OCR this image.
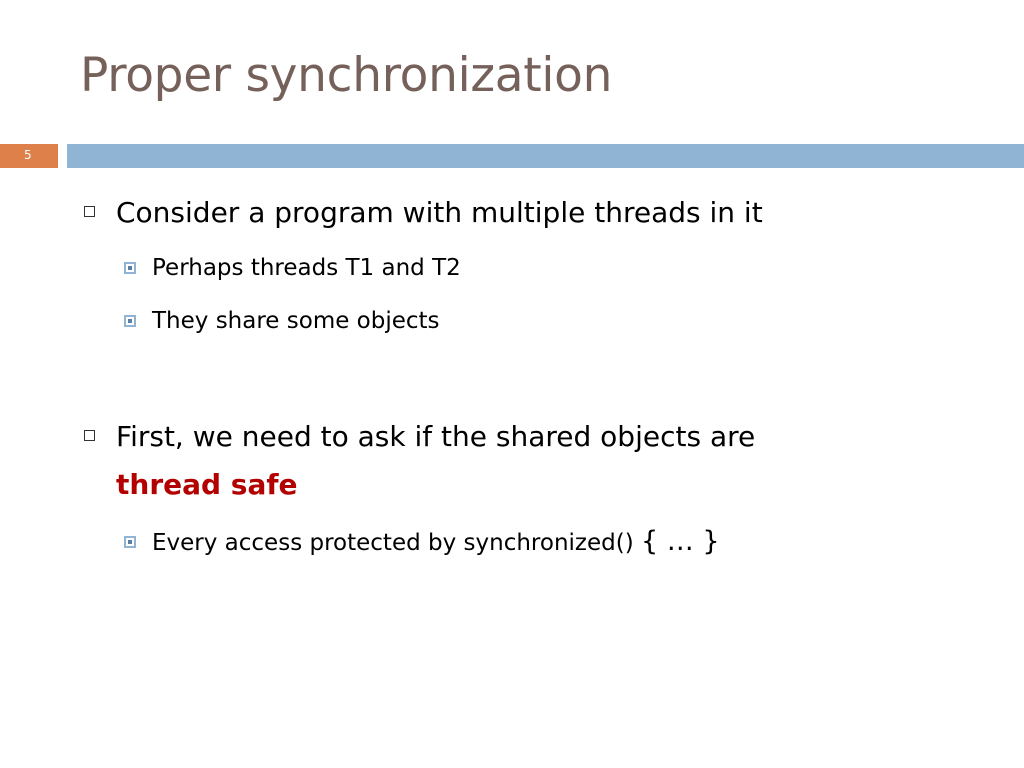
Proper synchronization
5
Consider a program with multiple threads in it
Perhaps threads T1 and T2
They share some objects
First, we need to ask if the shared objects are
thread safe
Every access protected by synchronized() { … }
